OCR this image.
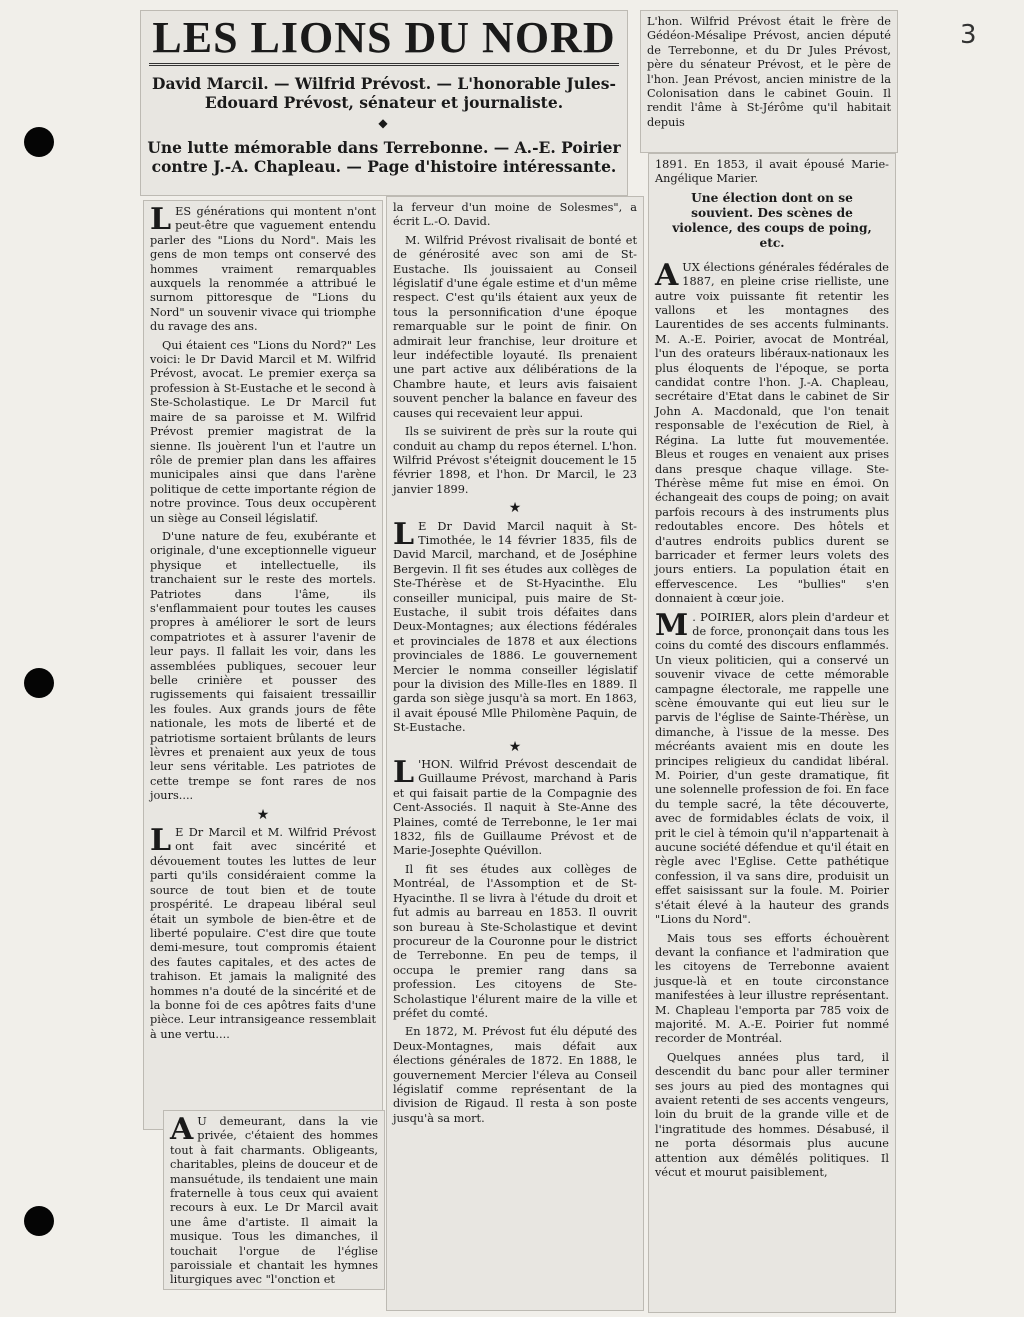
3
LES LIONS DU NORD
David Marcil. — Wilfrid Prévost. — L'honorable Jules-Edouard Prévost, sénateur et journaliste.
◆
Une lutte mémorable dans Terrebonne. — A.-E. Poirier contre J.-A. Chapleau. — Page d'histoire intéressante.

LES générations qui montent n'ont peut-être que vaguement entendu parler des "Lions du Nord". Mais les gens de mon temps ont conservé des hommes vraiment remarquables auxquels la renommée a attribué le surnom pittoresque de "Lions du Nord" un souvenir vivace qui triomphe du ravage des ans.

Qui étaient ces "Lions du Nord?" Les voici: le Dr David Marcil et M. Wilfrid Prévost, avocat. Le premier exerça sa profession à St-Eustache et le second à Ste-Scholastique. Le Dr Marcil fut maire de sa paroisse et M. Wilfrid Prévost premier magistrat de la sienne. Ils jouèrent l'un et l'autre un rôle de premier plan dans les affaires municipales ainsi que dans l'arène politique de cette importante région de notre province. Tous deux occupèrent un siège au Conseil législatif.

D'une nature de feu, exubérante et originale, d'une exceptionnelle vigueur physique et intellectuelle, ils tranchaient sur le reste des mortels. Patriotes dans l'âme, ils s'enflammaient pour toutes les causes propres à améliorer le sort de leurs compatriotes et à assurer l'avenir de leur pays. Il fallait les voir, dans les assemblées publiques, secouer leur belle crinière et pousser des rugissements qui faisaient tressaillir les foules. Aux grands jours de fête nationale, les mots de liberté et de patriotisme sortaient brûlants de leurs lèvres et prenaient aux yeux de tous leur sens véritable. Les patriotes de cette trempe se font rares de nos jours....

★

L E Dr Marcil et M. Wilfrid Prévost ont fait avec sincérité et dévouement toutes les luttes de leur parti qu'ils considéraient comme la source de tout bien et de toute prospérité. Le drapeau libéral seul était un symbole de bien-être et de liberté populaire. C'est dire que toute demi-mesure, tout compromis étaient des fautes capitales, et des actes de trahison. Et jamais la malignité des hommes n'a douté de la sincérité et de la bonne foi de ces apôtres faits d'une pièce. Leur intransigeance ressemblait à une vertu....

A U demeurant, dans la vie privée, c'étaient des hommes tout à fait charmants. Obligeants, charitables, pleins de douceur et de mansuétude, ils tendaient une main fraternelle à tous ceux qui avaient recours à eux. Le Dr Marcil avait une âme d'artiste. Il aimait la musique. Tous les dimanches, il touchait l'orgue de l'église paroissiale et chantait les hymnes liturgiques avec "l'onction et

la ferveur d'un moine de Solesmes", a écrit L.-O. David.

M. Wilfrid Prévost rivalisait de bonté et de générosité avec son ami de St-Eustache. Ils jouissaient au Conseil législatif d'une égale estime et d'un même respect. C'est qu'ils étaient aux yeux de tous la personnification d'une époque remarquable sur le point de finir. On admirait leur franchise, leur droiture et leur indéfectible loyauté. Ils prenaient une part active aux délibérations de la Chambre haute, et leurs avis faisaient souvent pencher la balance en faveur des causes qui recevaient leur appui.

Ils se suivirent de près sur la route qui conduit au champ du repos éternel. L'hon. Wilfrid Prévost s'éteignit doucement le 15 février 1898, et l'hon. Dr Marcil, le 23 janvier 1899.

★

L E Dr David Marcil naquit à St-Timothée, le 14 février 1835, fils de David Marcil, marchand, et de Joséphine Bergevin. Il fit ses études aux collèges de Ste-Thérèse et de St-Hyacinthe. Elu conseiller municipal, puis maire de St-Eustache, il subit trois défaites dans Deux-Montagnes; aux élections fédérales et provinciales de 1878 et aux élections provinciales de 1886. Le gouvernement Mercier le nomma conseiller législatif pour la division des Mille-Iles en 1889. Il garda son siège jusqu'à sa mort. En 1863, il avait épousé Mlle Philomène Paquin, de St-Eustache.

★

L 'HON. Wilfrid Prévost descendait de Guillaume Prévost, marchand à Paris et qui faisait partie de la Compagnie des Cent-Associés. Il naquit à Ste-Anne des Plaines, comté de Terrebonne, le 1er mai 1832, fils de Guillaume Prévost et de Marie-Josephte Quévillon.

Il fit ses études aux collèges de Montréal, de l'Assomption et de St-Hyacinthe. Il se livra à l'étude du droit et fut admis au barreau en 1853. Il ouvrit son bureau à Ste-Scholastique et devint procureur de la Couronne pour le district de Terrebonne. En peu de temps, il occupa le premier rang dans sa profession. Les citoyens de Ste-Scholastique l'élurent maire de la ville et préfet du comté.

En 1872, M. Prévost fut élu député des Deux-Montagnes, mais défait aux élections générales de 1872. En 1888, le gouvernement Mercier l'éleva au Conseil législatif comme représentant de la division de Rigaud. Il resta à son poste jusqu'à sa mort.

L'hon. Wilfrid Prévost était le frère de Gédéon-Mésalipe Prévost, ancien député de Terrebonne, et du Dr Jules Prévost, père du sénateur Prévost, et le père de l'hon. Jean Prévost, ancien ministre de la Colonisation dans le cabinet Gouin. Il rendit l'âme à St-Jérôme qu'il habitait depuis

1891. En 1853, il avait épousé Marie-Angélique Marier.

Une élection dont on se souvient. Des scènes de violence, des coups de poing, etc.

AUX élections générales fédérales de 1887, en pleine crise rielliste, une autre voix puissante fit retentir les vallons et les montagnes des Laurentides de ses accents fulminants. M. A.-E. Poirier, avocat de Montréal, l'un des orateurs libéraux-nationaux les plus éloquents de l'époque, se porta candidat contre l'hon. J.-A. Chapleau, secrétaire d'Etat dans le cabinet de Sir John A. Macdonald, que l'on tenait responsable de l'exécution de Riel, à Régina. La lutte fut mouvementée. Bleus et rouges en venaient aux prises dans presque chaque village. Ste-Thérèse même fut mise en émoi. On échangeait des coups de poing; on avait parfois recours à des instruments plus redoutables encore. Des hôtels et d'autres endroits publics durent se barricader et fermer leurs volets des jours entiers. La population était en effervescence. Les "bullies" s'en donnaient à cœur joie.

M . POIRIER, alors plein d'ardeur et de force, prononçait dans tous les coins du comté des discours enflammés. Un vieux politicien, qui a conservé un souvenir vivace de cette mémorable campagne électorale, me rappelle une scène émouvante qui eut lieu sur le parvis de l'église de Sainte-Thérèse, un dimanche, à l'issue de la messe. Des mécréants avaient mis en doute les principes religieux du candidat libéral. M. Poirier, d'un geste dramatique, fit une solennelle profession de foi. En face du temple sacré, la tête découverte, avec de formidables éclats de voix, il prit le ciel à témoin qu'il n'appartenait à aucune société défendue et qu'il était en règle avec l'Eglise. Cette pathétique confession, il va sans dire, produisit un effet saisissant sur la foule. M. Poirier s'était élevé à la hauteur des grands "Lions du Nord".

Mais tous ses efforts échouèrent devant la confiance et l'admiration que les citoyens de Terrebonne avaient jusque-là et en toute circonstance manifestées à leur illustre représentant. M. Chapleau l'emporta par 785 voix de majorité. M. A.-E. Poirier fut nommé recorder de Montréal.

Quelques années plus tard, il descendit du banc pour aller terminer ses jours au pied des montagnes qui avaient retenti de ses accents vengeurs, loin du bruit de la grande ville et de l'ingratitude des hommes. Désabusé, il ne porta désormais plus aucune attention aux démêlés politiques. Il vécut et mourut paisiblement,
